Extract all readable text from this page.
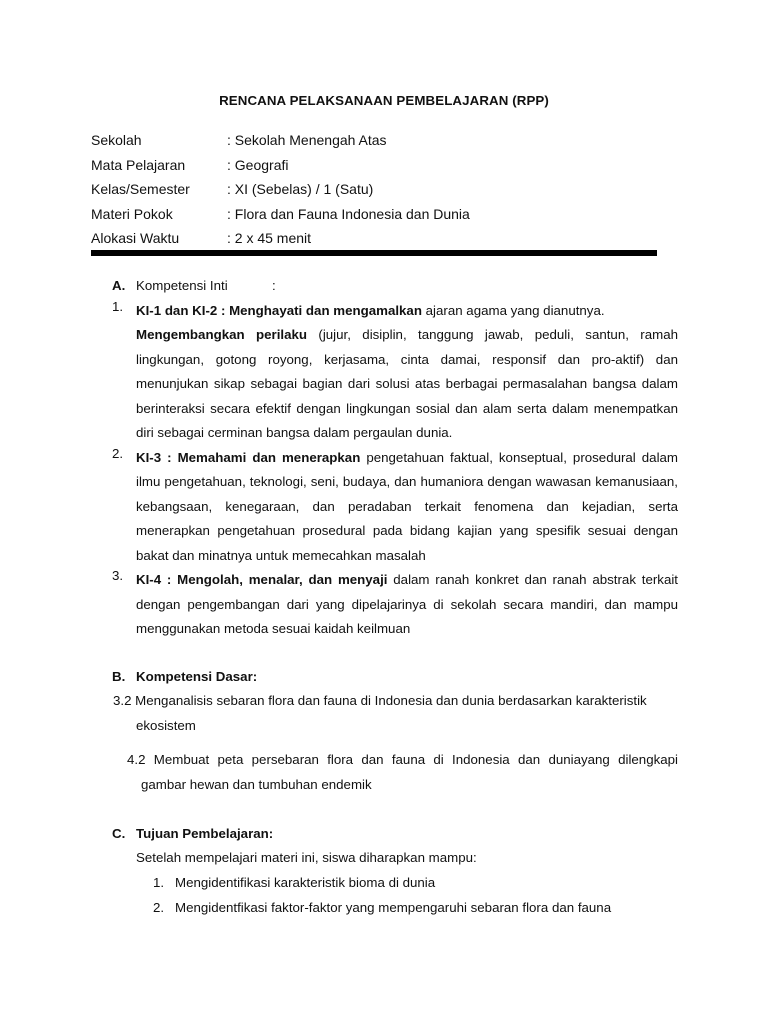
RENCANA PELAKSANAAN PEMBELAJARAN (RPP)
Sekolah	: Sekolah Menengah Atas
Mata Pelajaran	: Geografi
Kelas/Semester	: XI (Sebelas) / 1 (Satu)
Materi Pokok	: Flora dan Fauna Indonesia dan Dunia
Alokasi Waktu	: 2 x 45 menit
A. Kompetensi Inti	:
1. KI-1 dan KI-2 : Menghayati dan mengamalkan ajaran agama yang dianutnya.
Mengembangkan perilaku (jujur, disiplin, tanggung jawab, peduli, santun, ramah lingkungan, gotong royong, kerjasama, cinta damai, responsif dan pro-aktif) dan menunjukan sikap sebagai bagian dari solusi atas berbagai permasalahan bangsa dalam berinteraksi secara efektif dengan lingkungan sosial dan alam serta dalam menempatkan diri sebagai cerminan bangsa dalam pergaulan dunia.
2. KI-3 : Memahami dan menerapkan pengetahuan faktual, konseptual, prosedural dalam ilmu pengetahuan, teknologi, seni, budaya, dan humaniora dengan wawasan kemanusiaan, kebangsaan, kenegaraan, dan peradaban terkait fenomena dan kejadian, serta menerapkan pengetahuan prosedural pada bidang kajian yang spesifik sesuai dengan bakat dan minatnya untuk memecahkan masalah
3. KI-4 : Mengolah, menalar, dan menyaji dalam ranah konkret dan ranah abstrak terkait dengan pengembangan dari yang dipelajarinya di sekolah secara mandiri, dan mampu menggunakan metoda sesuai kaidah keilmuan
B. Kompetensi Dasar:
3.2 Menganalisis sebaran flora dan fauna di Indonesia dan dunia berdasarkan karakteristik
ekosistem
4.2 Membuat peta persebaran flora dan fauna di Indonesia dan duniayang dilengkapi
gambar hewan dan tumbuhan endemik
C. Tujuan Pembelajaran:
Setelah mempelajari materi ini, siswa diharapkan mampu:
1. Mengidentifikasi karakteristik bioma di dunia
2. Mengidentfikasi faktor-faktor yang mempengaruhi sebaran flora dan fauna
